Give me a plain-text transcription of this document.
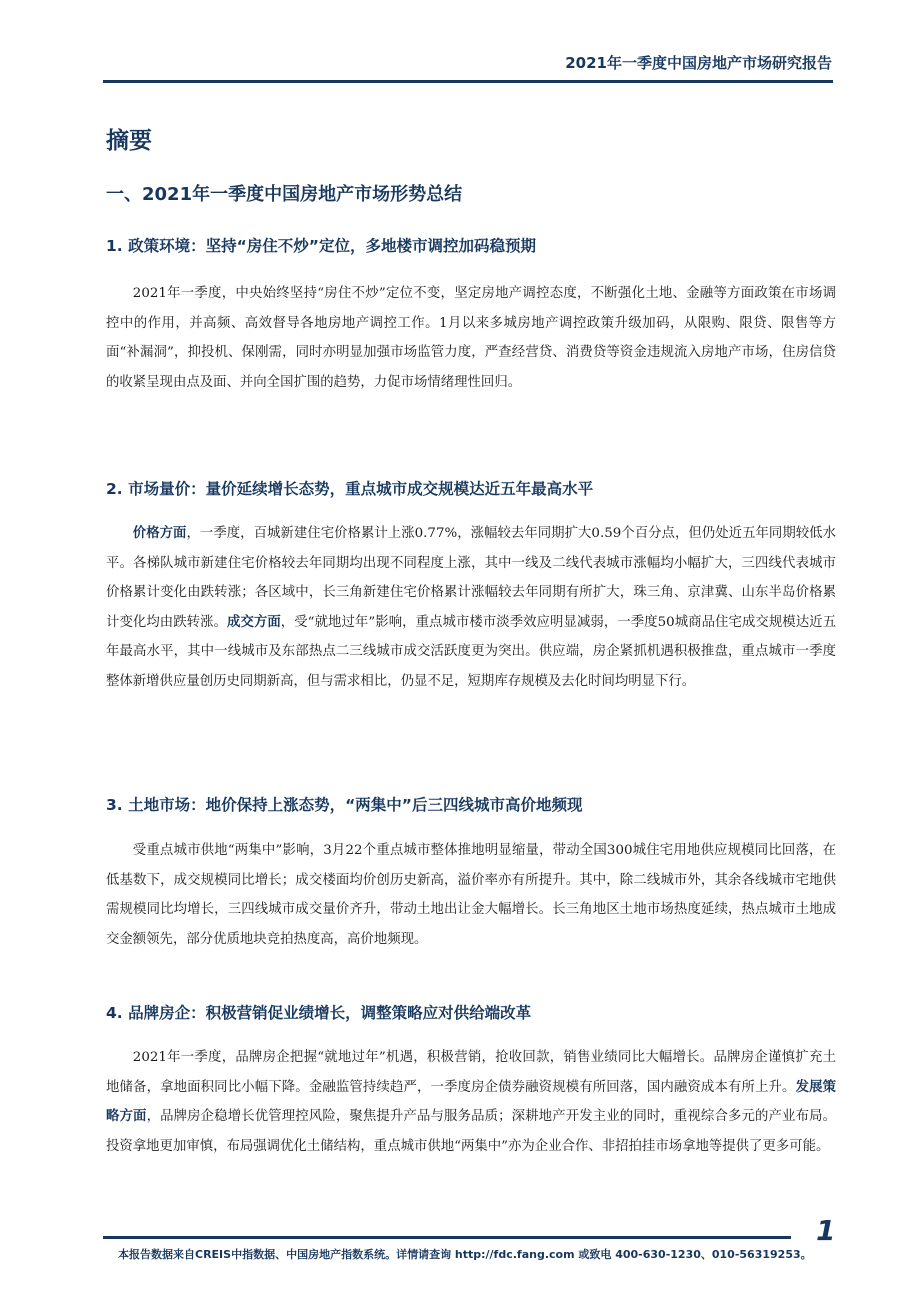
2021年一季度中国房地产市场研究报告
摘要
一、2021年一季度中国房地产市场形势总结
1. 政策环境：坚持“房住不炒”定位，多地楼市调控加码稳预期

2021年一季度，中央始终坚持“房住不炒”定位不变，坚定房地产调控态度，不断强化土地、金融等方面政策在市场调控中的作用，并高频、高效督导各地房地产调控工作。1月以来多城房地产调控政策升级加码，从限购、限贷、限售等方面“补漏洞”，抑投机、保刚需，同时亦明显加强市场监管力度，严查经营贷、消费贷等资金违规流入房地产市场，住房信贷的收紧呈现由点及面、并向全国扩围的趋势，力促市场情绪理性回归。

2. 市场量价：量价延续增长态势，重点城市成交规模达近五年最高水平

价格方面，一季度，百城新建住宅价格累计上涨0.77%，涨幅较去年同期扩大0.59个百分点，但仍处近五年同期较低水平。各梯队城市新建住宅价格较去年同期均出现不同程度上涨，其中一线及二线代表城市涨幅均小幅扩大，三四线代表城市价格累计变化由跌转涨；各区域中，长三角新建住宅价格累计涨幅较去年同期有所扩大，珠三角、京津冀、山东半岛价格累计变化均由跌转涨。成交方面，受“就地过年”影响，重点城市楼市淡季效应明显减弱，一季度50城商品住宅成交规模达近五年最高水平，其中一线城市及东部热点二三线城市成交活跃度更为突出。供应端，房企紧抓机遇积极推盘，重点城市一季度整体新增供应量创历史同期新高，但与需求相比，仍显不足，短期库存规模及去化时间均明显下行。

3. 土地市场：地价保持上涨态势，“两集中”后三四线城市高价地频现

受重点城市供地“两集中”影响，3月22个重点城市整体推地明显缩量，带动全国300城住宅用地供应规模同比回落，在低基数下，成交规模同比增长；成交楼面均价创历史新高，溢价率亦有所提升。其中，除二线城市外，其余各线城市宅地供需规模同比均增长，三四线城市成交量价齐升，带动土地出让金大幅增长。长三角地区土地市场热度延续，热点城市土地成交金额领先，部分优质地块竞拍热度高，高价地频现。

4. 品牌房企：积极营销促业绩增长，调整策略应对供给端改革

2021年一季度，品牌房企把握“就地过年”机遇，积极营销，抢收回款，销售业绩同比大幅增长。品牌房企谨慎扩充土地储备，拿地面积同比小幅下降。金融监管持续趋严，一季度房企债券融资规模有所回落，国内融资成本有所上升。发展策略方面，品牌房企稳增长优管理控风险，聚焦提升产品与服务品质；深耕地产开发主业的同时，重视综合多元的产业布局。投资拿地更加审慎，布局强调优化土储结构，重点城市供地“两集中”亦为企业合作、非招拍挂市场拿地等提供了更多可能。

1
本报告数据来自CREIS中指数据、中国房地产指数系统。详情请查询 http://fdc.fang.com 或致电 400-630-1230、010-56319253。
